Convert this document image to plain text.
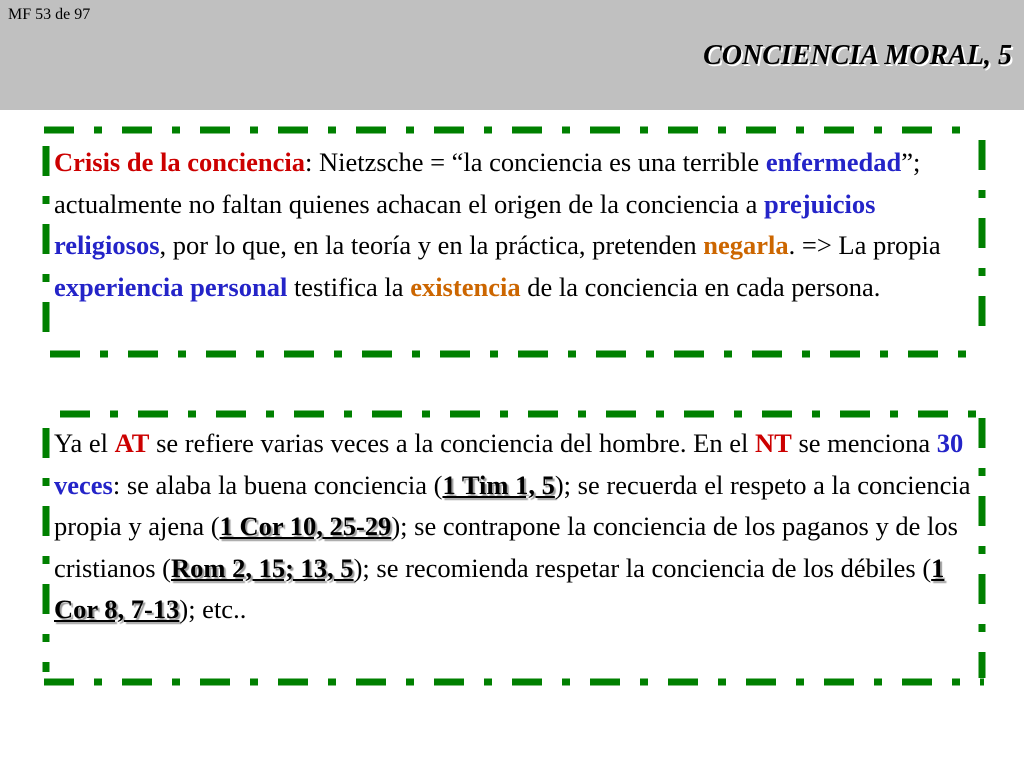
MF 53 de 97
CONCIENCIA MORAL, 5
Crisis de la conciencia: Nietzsche = “la conciencia es una terrible enfermedad”; actualmente no faltan quienes achacan el origen de la conciencia a prejuicios religiosos, por lo que, en la teoría y en la práctica, pretenden negarla. => La propia experiencia personal testifica la existencia de la conciencia en cada persona.
Ya el AT se refiere varias veces a la conciencia del hombre. En el NT se menciona 30 veces: se alaba la buena conciencia (1 Tim 1, 5); se recuerda el respeto a la conciencia propia y ajena (1 Cor 10, 25-29); se contrapone la conciencia de los paganos y de los cristianos (Rom 2, 15; 13, 5); se recomienda respetar la conciencia de los débiles (1 Cor 8, 7-13); etc..
